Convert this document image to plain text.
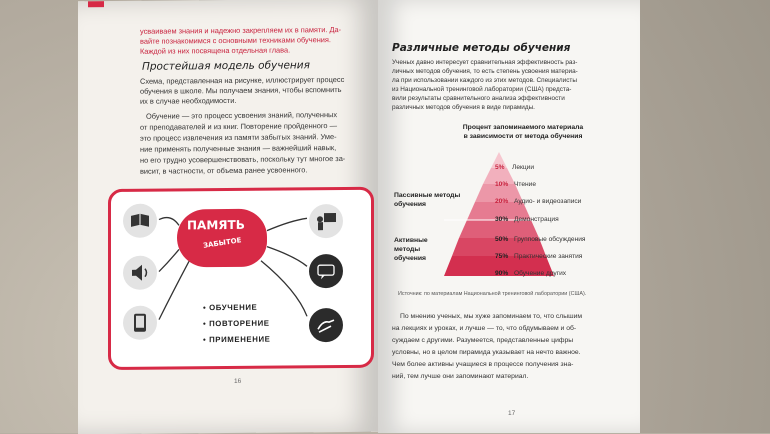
усваиваем знания и надежно закрепляем их в памяти. Да-
вайте познакомимся с основными техниками обучения.
Каждой из них посвящена отдельная глава.
Простейшая модель обучения
Схема, представленная на рисунке, иллюстрирует процесс
обучения в школе. Мы получаем знания, чтобы вспомнить
их в случае необходимости.
Обучение — это процесс усвоения знаний, полученных
от преподавателей и из книг. Повторение пройденного —
это процесс извлечения из памяти забытых знаний. Уме-
ние применять полученные знания — важнейший навык,
но его трудно усовершенствовать, поскольку тут многое за-
висит, в частности, от объема ранее усвоенного.
ПАМЯТЬ
ЗАБЫТОЕ
• ОБУЧЕНИЕ
• ПОВТОРЕНИЕ
• ПРИМЕНЕНИЕ
16
Различные методы обучения
Ученых давно интересует сравнительная эффективность раз-
личных методов обучения, то есть степень усвоения материа-
ла при использовании каждого из этих методов. Специалисты
из Национальной тренинговой лаборатории (США) предста-
вили результаты сравнительного анализа эффективности
различных методов обучения в виде пирамиды.
Процент запоминаемого материала
в зависимости от метода обучения
Пассивные методы
обучения
Активные
методы
обучения
5% Лекции
10% Чтение
20% Аудио- и видеозаписи
30% Демонстрация
50% Групповые обсуждения
75% Практические занятия
90% Обучение других
Источник: по материалам Национальной тренинговой лаборатории (США).
По мнению ученых, мы хуже запоминаем то, что слышим
на лекциях и уроках, и лучше — то, что обдумываем и об-
суждаем с другими. Разумеется, представленные цифры
условны, но в целом пирамида указывает на нечто важное.
Чем более активны учащиеся в процессе получения зна-
ний, тем лучше они запоминают материал.
17
